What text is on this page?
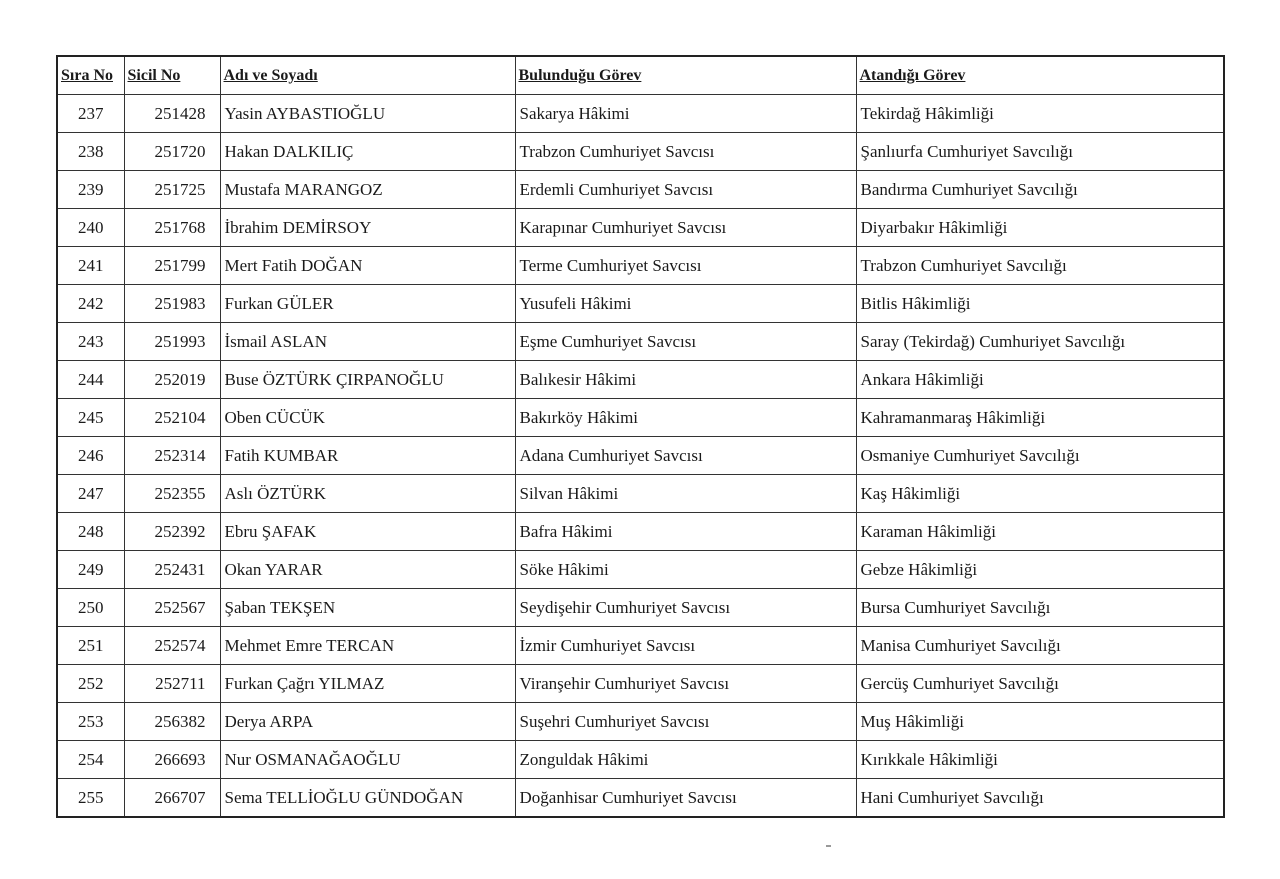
Sıra No	Sicil No	Adı ve Soyadı	Bulunduğu Görev	Atandığı Görev
237	251428	Yasin AYBASTIOĞLU	Sakarya Hâkimi	Tekirdağ Hâkimliği
238	251720	Hakan DALKILIÇ	Trabzon Cumhuriyet Savcısı	Şanlıurfa Cumhuriyet Savcılığı
239	251725	Mustafa MARANGOZ	Erdemli Cumhuriyet Savcısı	Bandırma Cumhuriyet Savcılığı
240	251768	İbrahim DEMİRSOY	Karapınar Cumhuriyet Savcısı	Diyarbakır Hâkimliği
241	251799	Mert Fatih DOĞAN	Terme Cumhuriyet Savcısı	Trabzon Cumhuriyet Savcılığı
242	251983	Furkan GÜLER	Yusufeli Hâkimi	Bitlis Hâkimliği
243	251993	İsmail ASLAN	Eşme Cumhuriyet Savcısı	Saray (Tekirdağ) Cumhuriyet Savcılığı
244	252019	Buse ÖZTÜRK ÇIRPANOĞLU	Balıkesir Hâkimi	Ankara Hâkimliği
245	252104	Oben CÜCÜK	Bakırköy Hâkimi	Kahramanmaraş Hâkimliği
246	252314	Fatih KUMBAR	Adana Cumhuriyet Savcısı	Osmaniye Cumhuriyet Savcılığı
247	252355	Aslı ÖZTÜRK	Silvan Hâkimi	Kaş Hâkimliği
248	252392	Ebru ŞAFAK	Bafra Hâkimi	Karaman Hâkimliği
249	252431	Okan YARAR	Söke Hâkimi	Gebze Hâkimliği
250	252567	Şaban TEKŞEN	Seydişehir Cumhuriyet Savcısı	Bursa Cumhuriyet Savcılığı
251	252574	Mehmet Emre TERCAN	İzmir Cumhuriyet Savcısı	Manisa Cumhuriyet Savcılığı
252	252711	Furkan Çağrı YILMAZ	Viranşehir Cumhuriyet Savcısı	Gercüş Cumhuriyet Savcılığı
253	256382	Derya ARPA	Suşehri Cumhuriyet Savcısı	Muş Hâkimliği
254	266693	Nur OSMANAĞAOĞLU	Zonguldak Hâkimi	Kırıkkale Hâkimliği
255	266707	Sema TELLİOĞLU GÜNDOĞAN	Doğanhisar Cumhuriyet Savcısı	Hani Cumhuriyet Savcılığı
